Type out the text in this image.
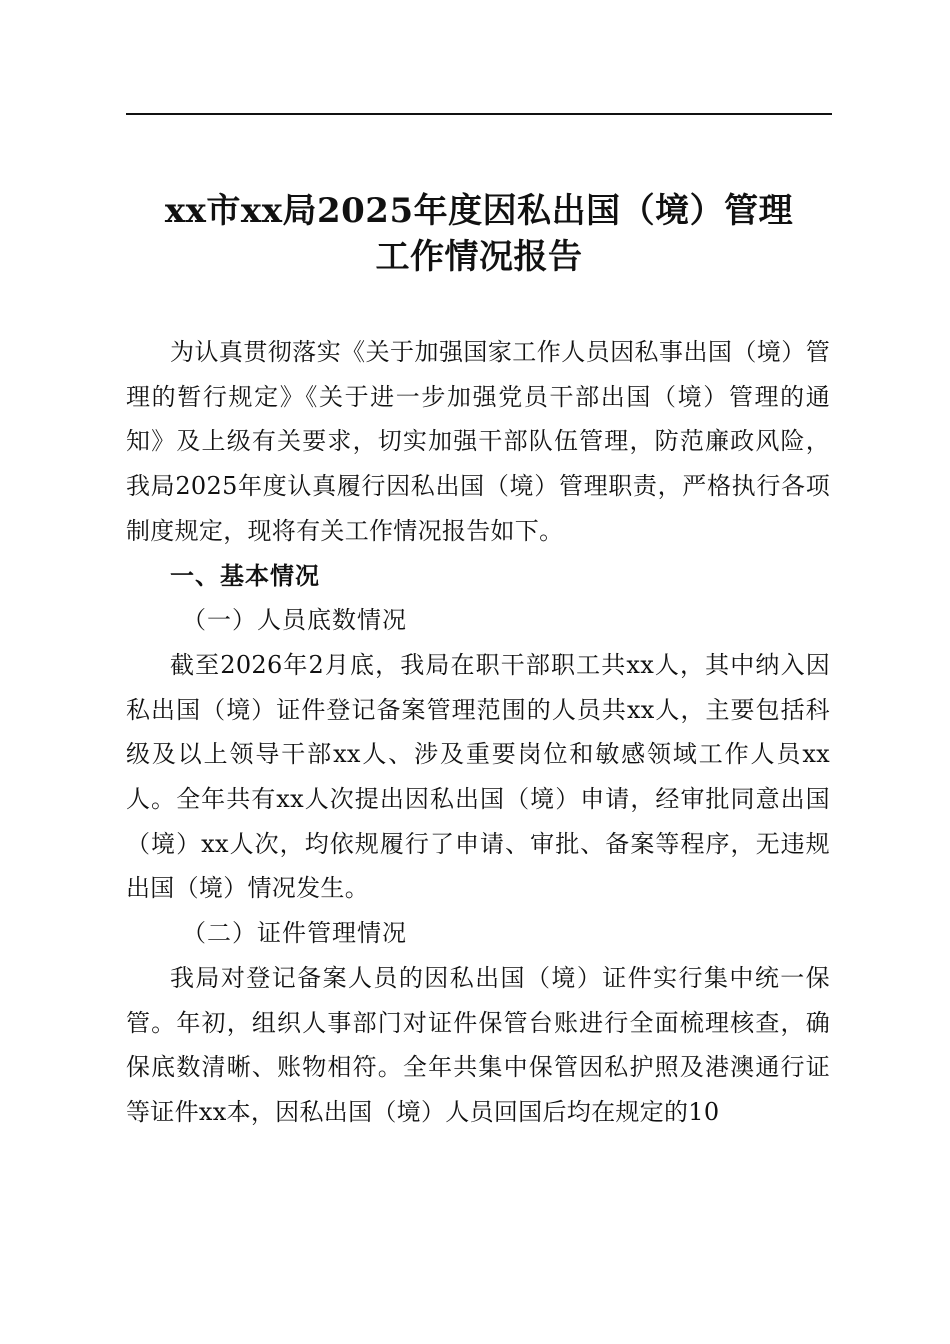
xx市xx局2025年度因私出国（境）管理
工作情况报告

为认真贯彻落实《关于加强国家工作人员因私事出国（境）管理的暂行规定》《关于进一步加强党员干部出国（境）管理的通知》及上级有关要求，切实加强干部队伍管理，防范廉政风险，我局2025年度认真履行因私出国（境）管理职责，严格执行各项制度规定，现将有关工作情况报告如下。

一、基本情况

（一）人员底数情况

截至2026年2月底，我局在职干部职工共xx人，其中纳入因私出国（境）证件登记备案管理范围的人员共xx人，主要包括科级及以上领导干部xx人、涉及重要岗位和敏感领域工作人员xx人。全年共有xx人次提出因私出国（境）申请，经审批同意出国（境）xx人次，均依规履行了申请、审批、备案等程序，无违规出国（境）情况发生。

（二）证件管理情况

我局对登记备案人员的因私出国（境）证件实行集中统一保管。年初，组织人事部门对证件保管台账进行全面梳理核查，确保底数清晰、账物相符。全年共集中保管因私护照及港澳通行证等证件xx本，因私出国（境）人员回国后均在规定的10
